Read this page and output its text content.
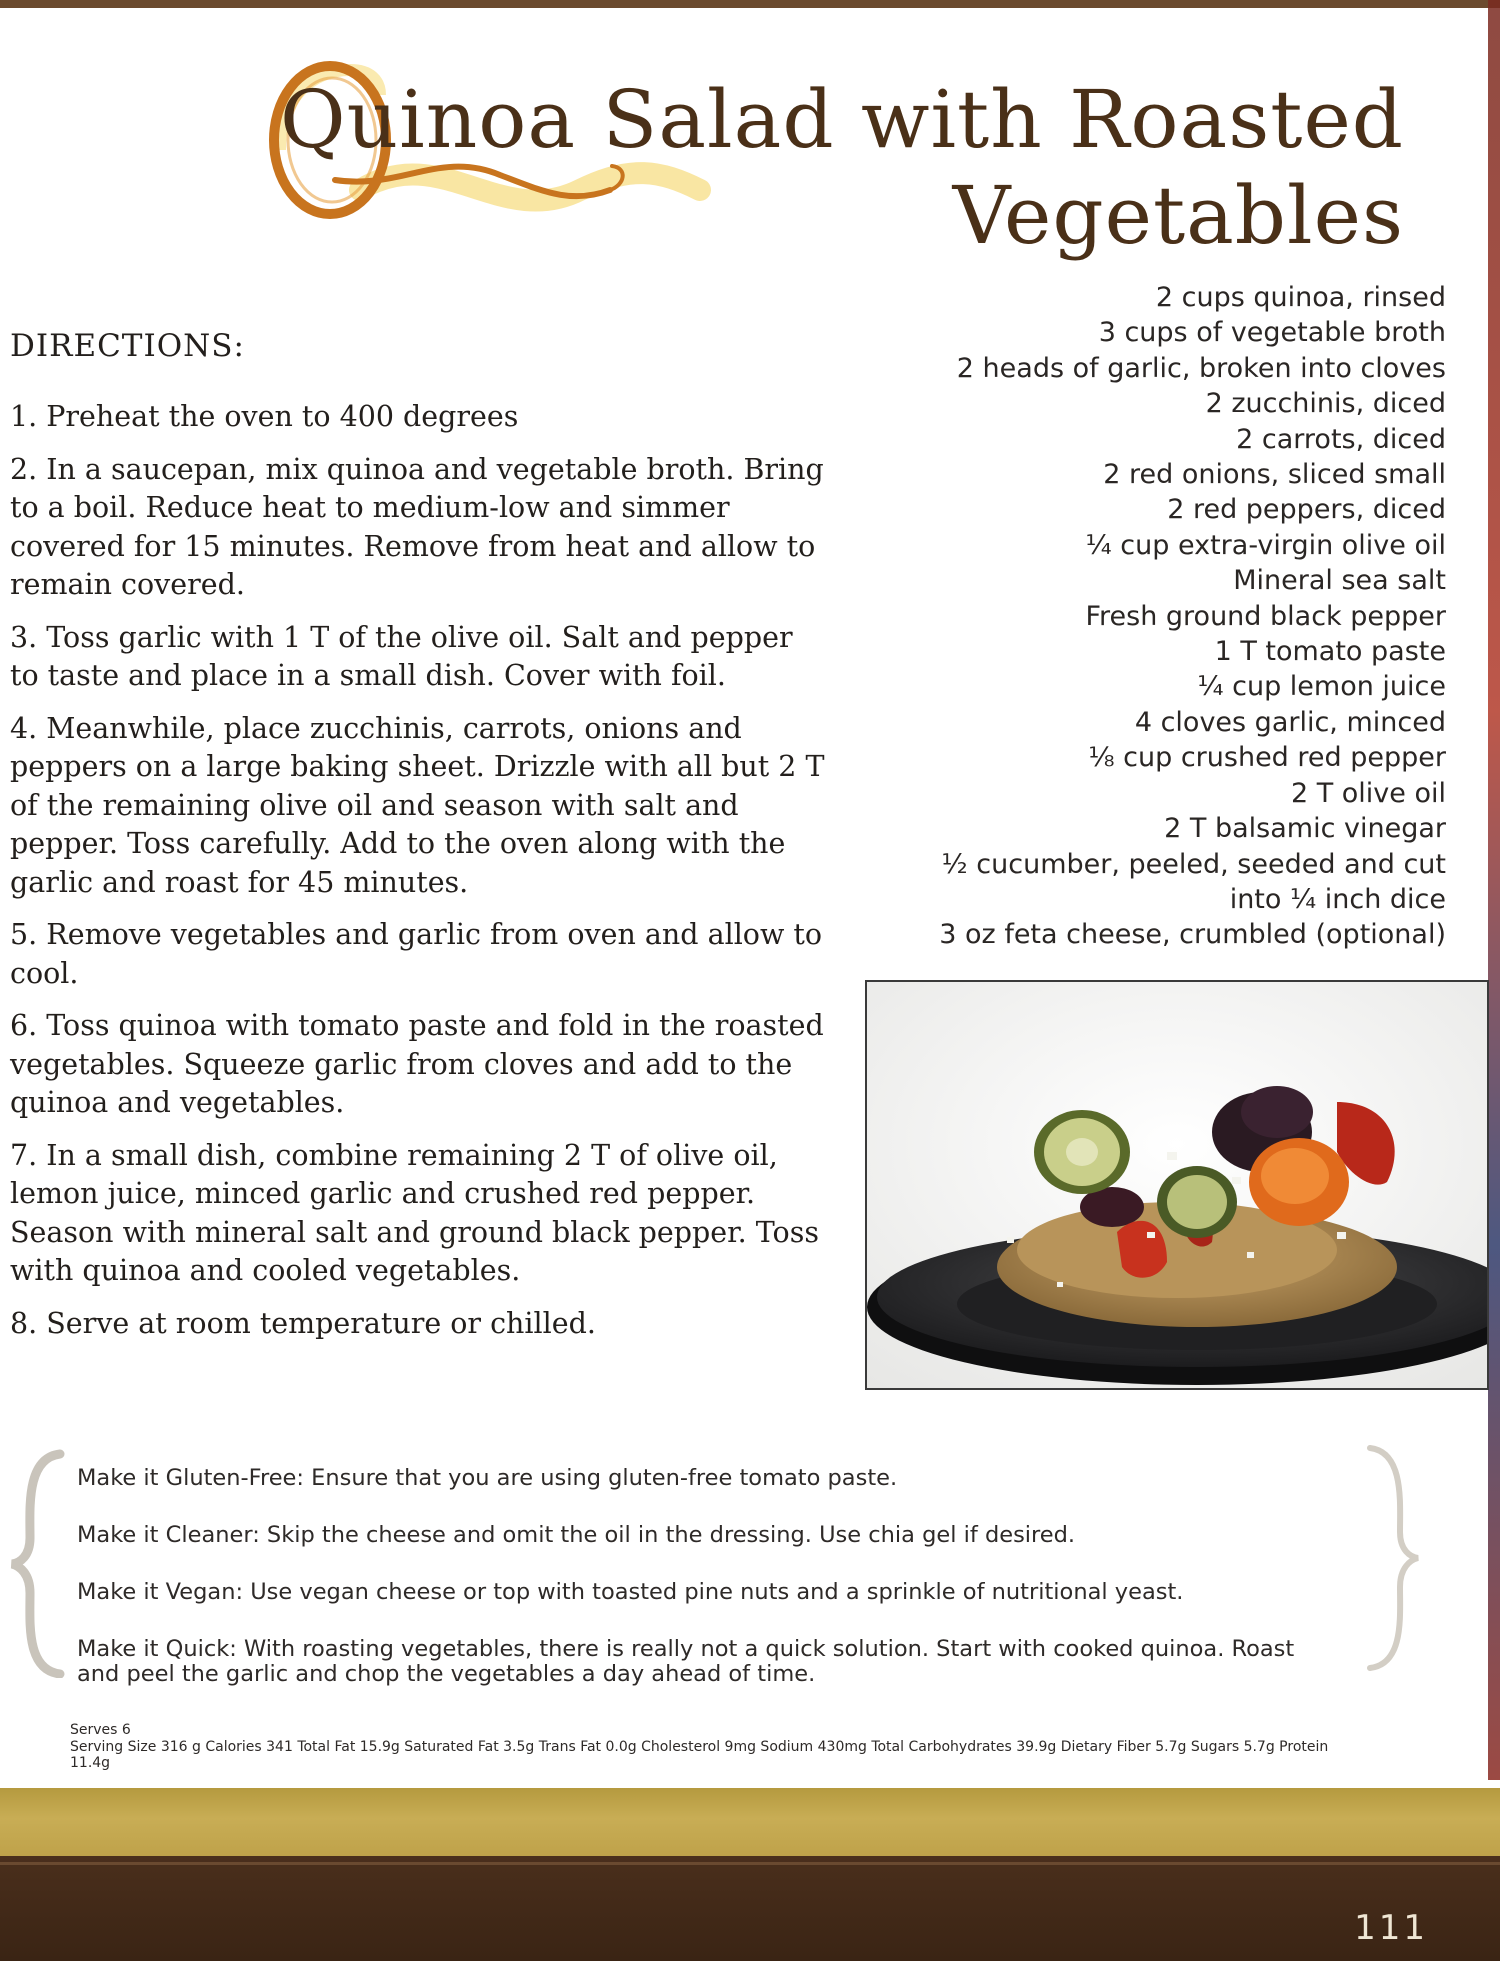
Quinoa Salad with Roasted
Vegetables
DIRECTIONS:
1. Preheat the oven to 400 degrees
2. In a saucepan, mix quinoa and vegetable broth. Bring to a boil. Reduce heat to medium-low and simmer covered for 15 minutes. Remove from heat and allow to remain covered.
3. Toss garlic with 1 T of the olive oil. Salt and pepper to taste and place in a small dish. Cover with foil.
4. Meanwhile, place zucchinis, carrots, onions and peppers on a large baking sheet. Drizzle with all but 2 T of the remaining olive oil and season with salt and pepper. Toss carefully. Add to the oven along with the garlic and roast for 45 minutes.
5. Remove vegetables and garlic from oven and allow to cool.
6. Toss quinoa with tomato paste and fold in the roasted vegetables. Squeeze garlic from cloves and add to the quinoa and vegetables.
7. In a small dish, combine remaining 2 T of olive oil, lemon juice, minced garlic and crushed red pepper. Season with mineral salt and ground black pepper. Toss with quinoa and cooled vegetables.
8. Serve at room temperature or chilled.
2 cups quinoa, rinsed
3 cups of vegetable broth
2 heads of garlic, broken into cloves
2 zucchinis, diced
2 carrots, diced
2 red onions, sliced small
2 red peppers, diced
¼ cup extra-virgin olive oil
Mineral sea salt
Fresh ground black pepper
1 T tomato paste
¼ cup lemon juice
4 cloves garlic, minced
⅛ cup crushed red pepper
2 T olive oil
2 T balsamic vinegar
½ cucumber, peeled, seeded and cut
into ¼ inch dice
3 oz feta cheese, crumbled (optional)
Make it Gluten-Free: Ensure that you are using gluten-free tomato paste.
Make it Cleaner: Skip the cheese and omit the oil in the dressing. Use chia gel if desired.
Make it Vegan: Use vegan cheese or top with toasted pine nuts and a sprinkle of nutritional yeast.
Make it Quick: With roasting vegetables, there is really not a quick solution. Start with cooked quinoa. Roast and peel the garlic and chop the vegetables a day ahead of time.

Serves 6

Serving Size 316 g Calories 341 Total Fat 15.9g Saturated Fat 3.5g Trans Fat 0.0g Cholesterol 9mg Sodium 430mg Total Carbohydrates 39.9g Dietary Fiber 5.7g Sugars 5.7g Protein 11.4g

111
